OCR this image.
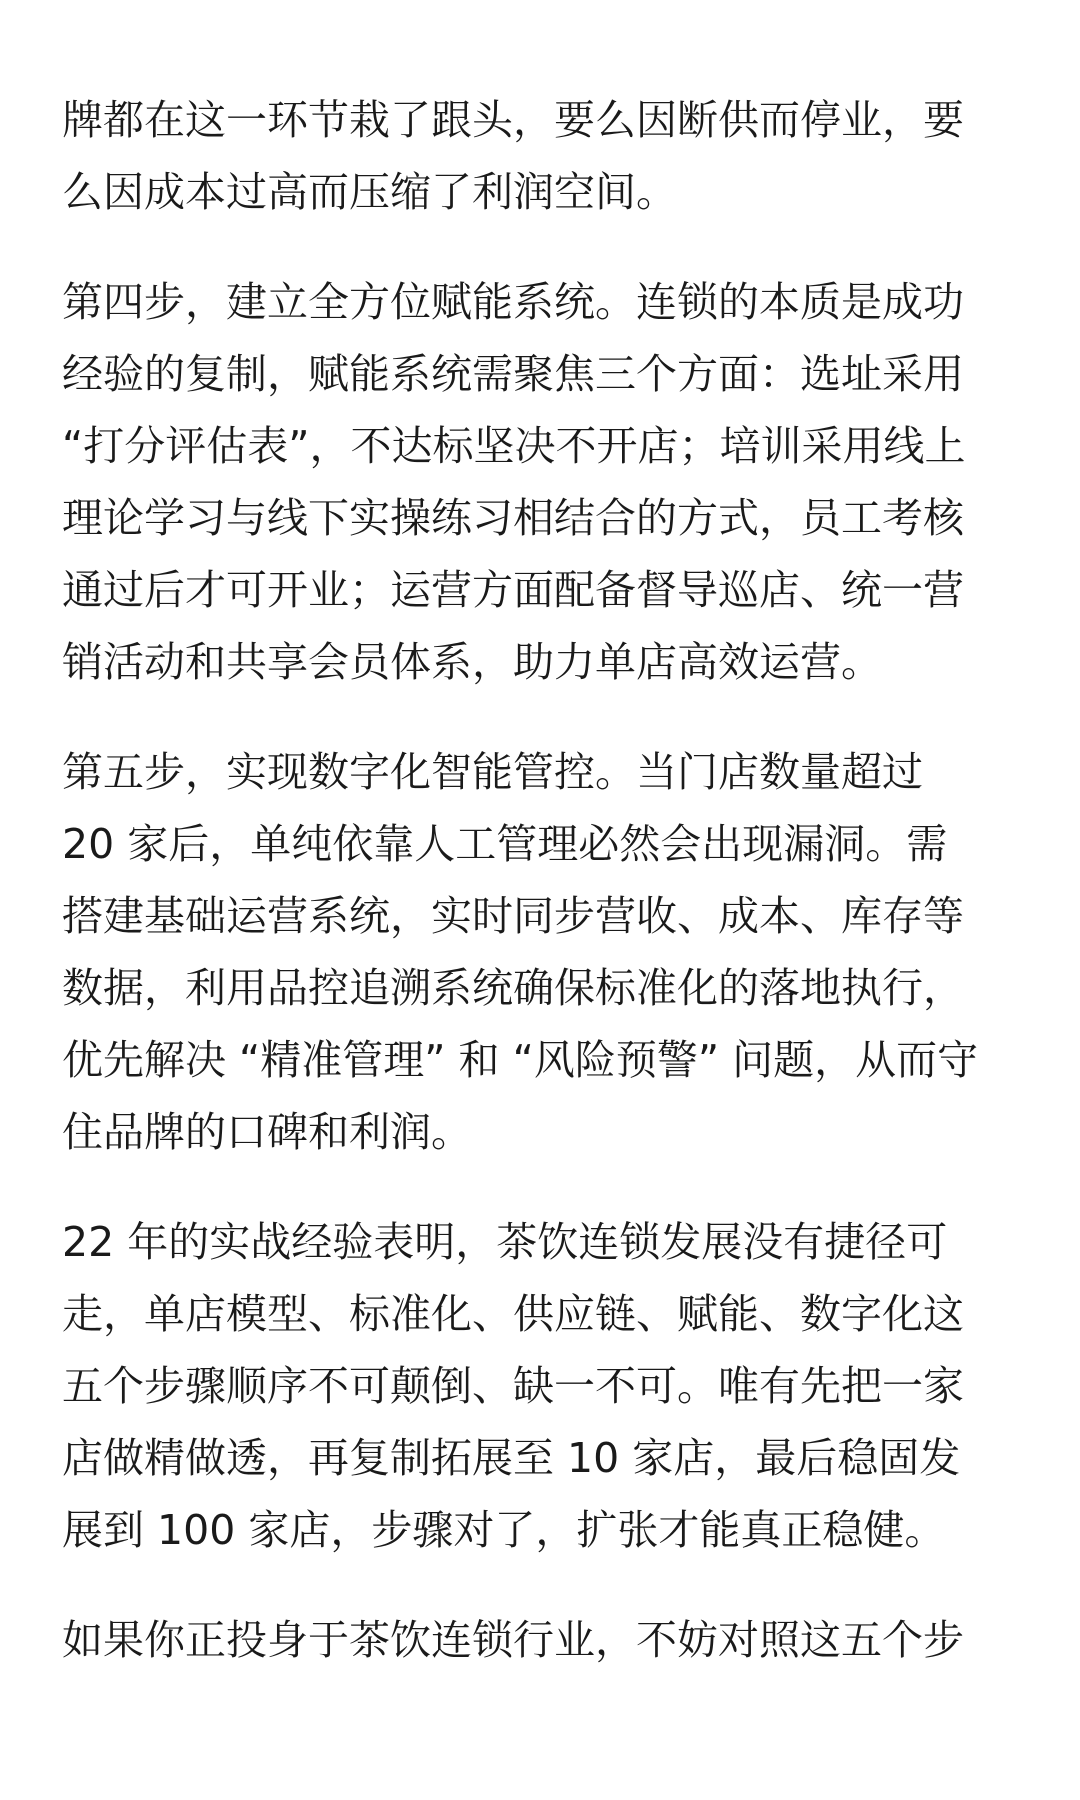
牌都在这一环节栽了跟头，要么因断供而停业，要
么因成本过高而压缩了利润空间。
第四步，建立全方位赋能系统。连锁的本质是成功
经验的复制，赋能系统需聚焦三个方面：选址采用
“打分评估表”，不达标坚决不开店；培训采用线上
理论学习与线下实操练习相结合的方式，员工考核
通过后才可开业；运营方面配备督导巡店、统一营
销活动和共享会员体系，助力单店高效运营。
第五步，实现数字化智能管控。当门店数量超过
20 家后，单纯依靠人工管理必然会出现漏洞。需
搭建基础运营系统，实时同步营收、成本、库存等
数据，利用品控追溯系统确保标准化的落地执行，
优先解决 “精准管理” 和 “风险预警” 问题，从而守
住品牌的口碑和利润。
22 年的实战经验表明，茶饮连锁发展没有捷径可
走，单店模型、标准化、供应链、赋能、数字化这
五个步骤顺序不可颠倒、缺一不可。唯有先把一家
店做精做透，再复制拓展至 10 家店，最后稳固发
展到 100 家店，步骤对了，扩张才能真正稳健。
如果你正投身于茶饮连锁行业，不妨对照这五个步
